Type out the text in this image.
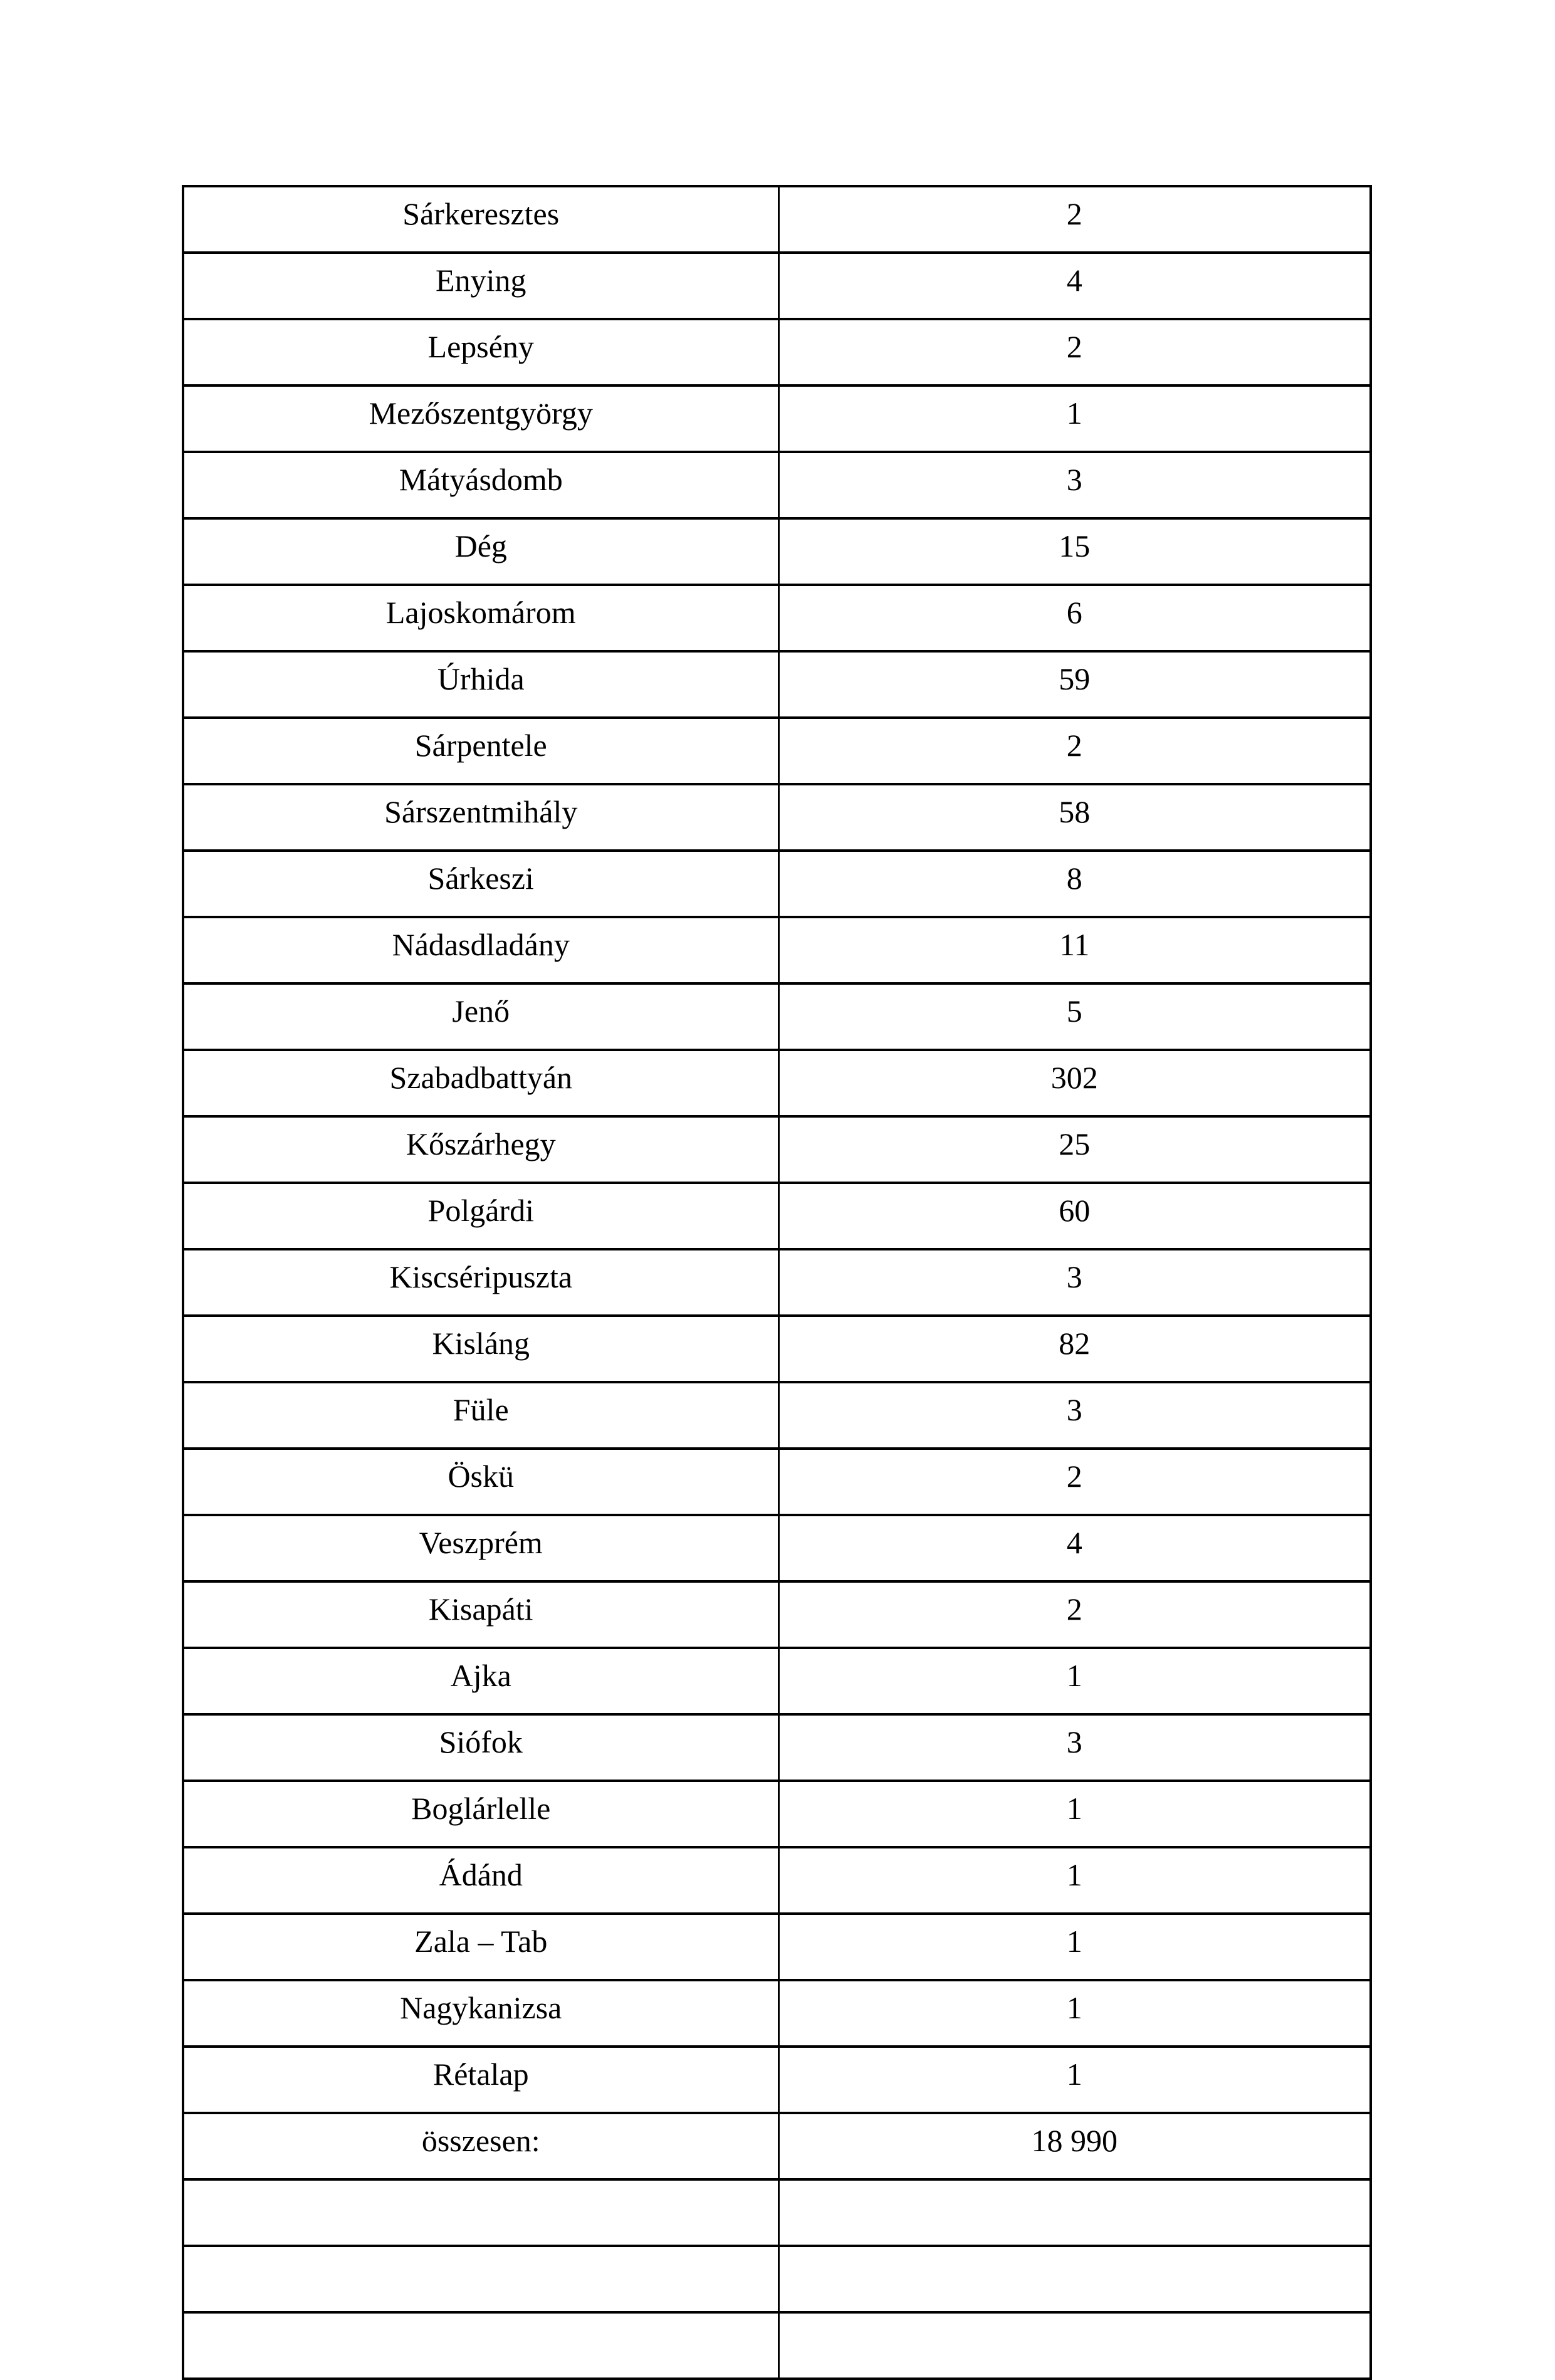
Sárkeresztes	2
Enying	4
Lepsény	2
Mezőszentgyörgy	1
Mátyásdomb	3
Dég	15
Lajoskomárom	6
Úrhida	59
Sárpentele	2
Sárszentmihály	58
Sárkeszi	8
Nádasdladány	11
Jenő	5
Szabadbattyán	302
Kőszárhegy	25
Polgárdi	60
Kiscséripuszta	3
Kisláng	82
Füle	3
Öskü	2
Veszprém	4
Kisapáti	2
Ajka	1
Siófok	3
Boglárlelle	1
Ádánd	1
Zala – Tab	1
Nagykanizsa	1
Rétalap	1
összesen:	18 990
